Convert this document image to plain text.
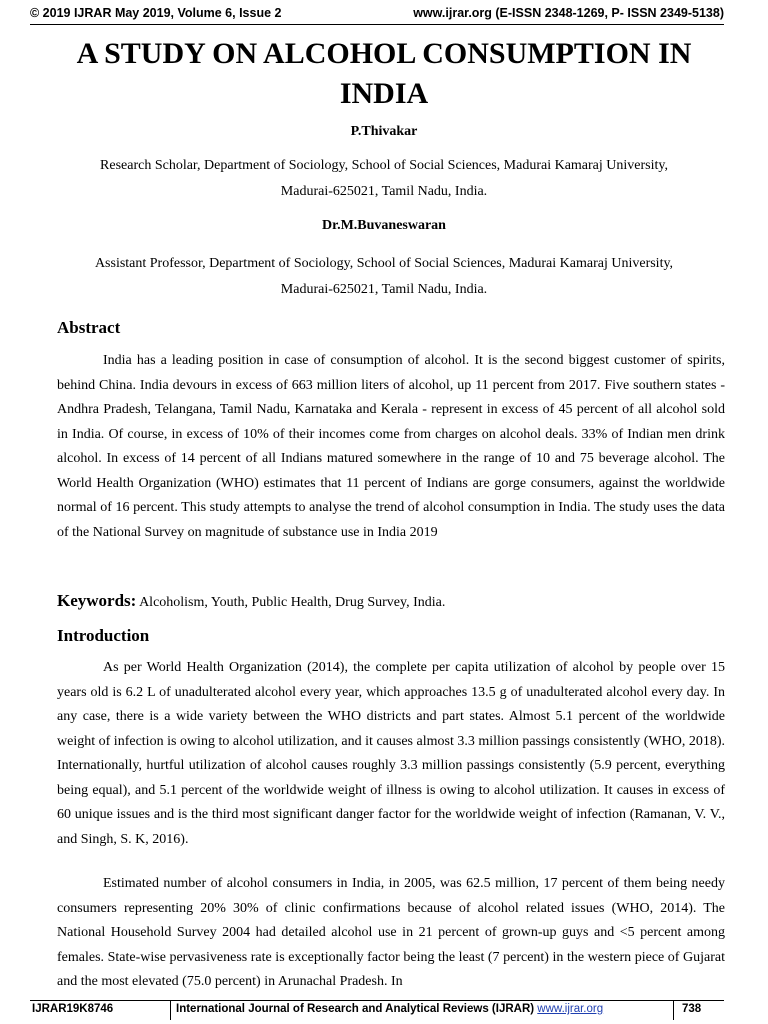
© 2019 IJRAR May 2019, Volume 6, Issue 2	www.ijrar.org (E-ISSN 2348-1269, P- ISSN 2349-5138)
A STUDY ON ALCOHOL CONSUMPTION IN
INDIA
P.Thivakar
Research Scholar, Department of Sociology, School of Social Sciences, Madurai Kamaraj University,
Madurai-625021, Tamil Nadu, India.
Dr.M.Buvaneswaran
Assistant Professor, Department of Sociology, School of Social Sciences, Madurai Kamaraj University,
Madurai-625021, Tamil Nadu, India.
Abstract
India has a leading position in case of consumption of alcohol. It is the second biggest customer of spirits, behind China. India devours in excess of 663 million liters of alcohol, up 11 percent from 2017. Five southern states - Andhra Pradesh, Telangana, Tamil Nadu, Karnataka and Kerala - represent in excess of 45 percent of all alcohol sold in India. Of course, in excess of 10% of their incomes come from charges on alcohol deals. 33% of Indian men drink alcohol. In excess of 14 percent of all Indians matured somewhere in the range of 10 and 75 beverage alcohol. The World Health Organization (WHO) estimates that 11 percent of Indians are gorge consumers, against the worldwide normal of 16 percent. This study attempts to analyse the trend of alcohol consumption in India. The study uses the data of the National Survey on magnitude of substance use in India 2019
Keywords: Alcoholism, Youth, Public Health, Drug Survey, India.
Introduction
As per World Health Organization (2014), the complete per capita utilization of alcohol by people over 15 years old is 6.2 L of unadulterated alcohol every year, which approaches 13.5 g of unadulterated alcohol every day. In any case, there is a wide variety between the WHO districts and part states. Almost 5.1 percent of the worldwide weight of infection is owing to alcohol utilization, and it causes almost 3.3 million passings consistently (WHO, 2018). Internationally, hurtful utilization of alcohol causes roughly 3.3 million passings consistently (5.9 percent, everything being equal), and 5.1 percent of the worldwide weight of illness is owing to alcohol utilization. It causes in excess of 60 unique issues and is the third most significant danger factor for the worldwide weight of infection (Ramanan, V. V., and Singh, S. K, 2016).
Estimated number of alcohol consumers in India, in 2005, was 62.5 million, 17 percent of them being needy consumers representing 20% 30% of clinic confirmations because of alcohol related issues (WHO, 2014). The National Household Survey 2004 had detailed alcohol use in 21 percent of grown-up guys and <5 percent among females. State-wise pervasiveness rate is exceptionally factor being the least (7 percent) in the western piece of Gujarat and the most elevated (75.0 percent) in Arunachal Pradesh. In
IJRAR19K8746	International Journal of Research and Analytical Reviews (IJRAR) www.ijrar.org	738
